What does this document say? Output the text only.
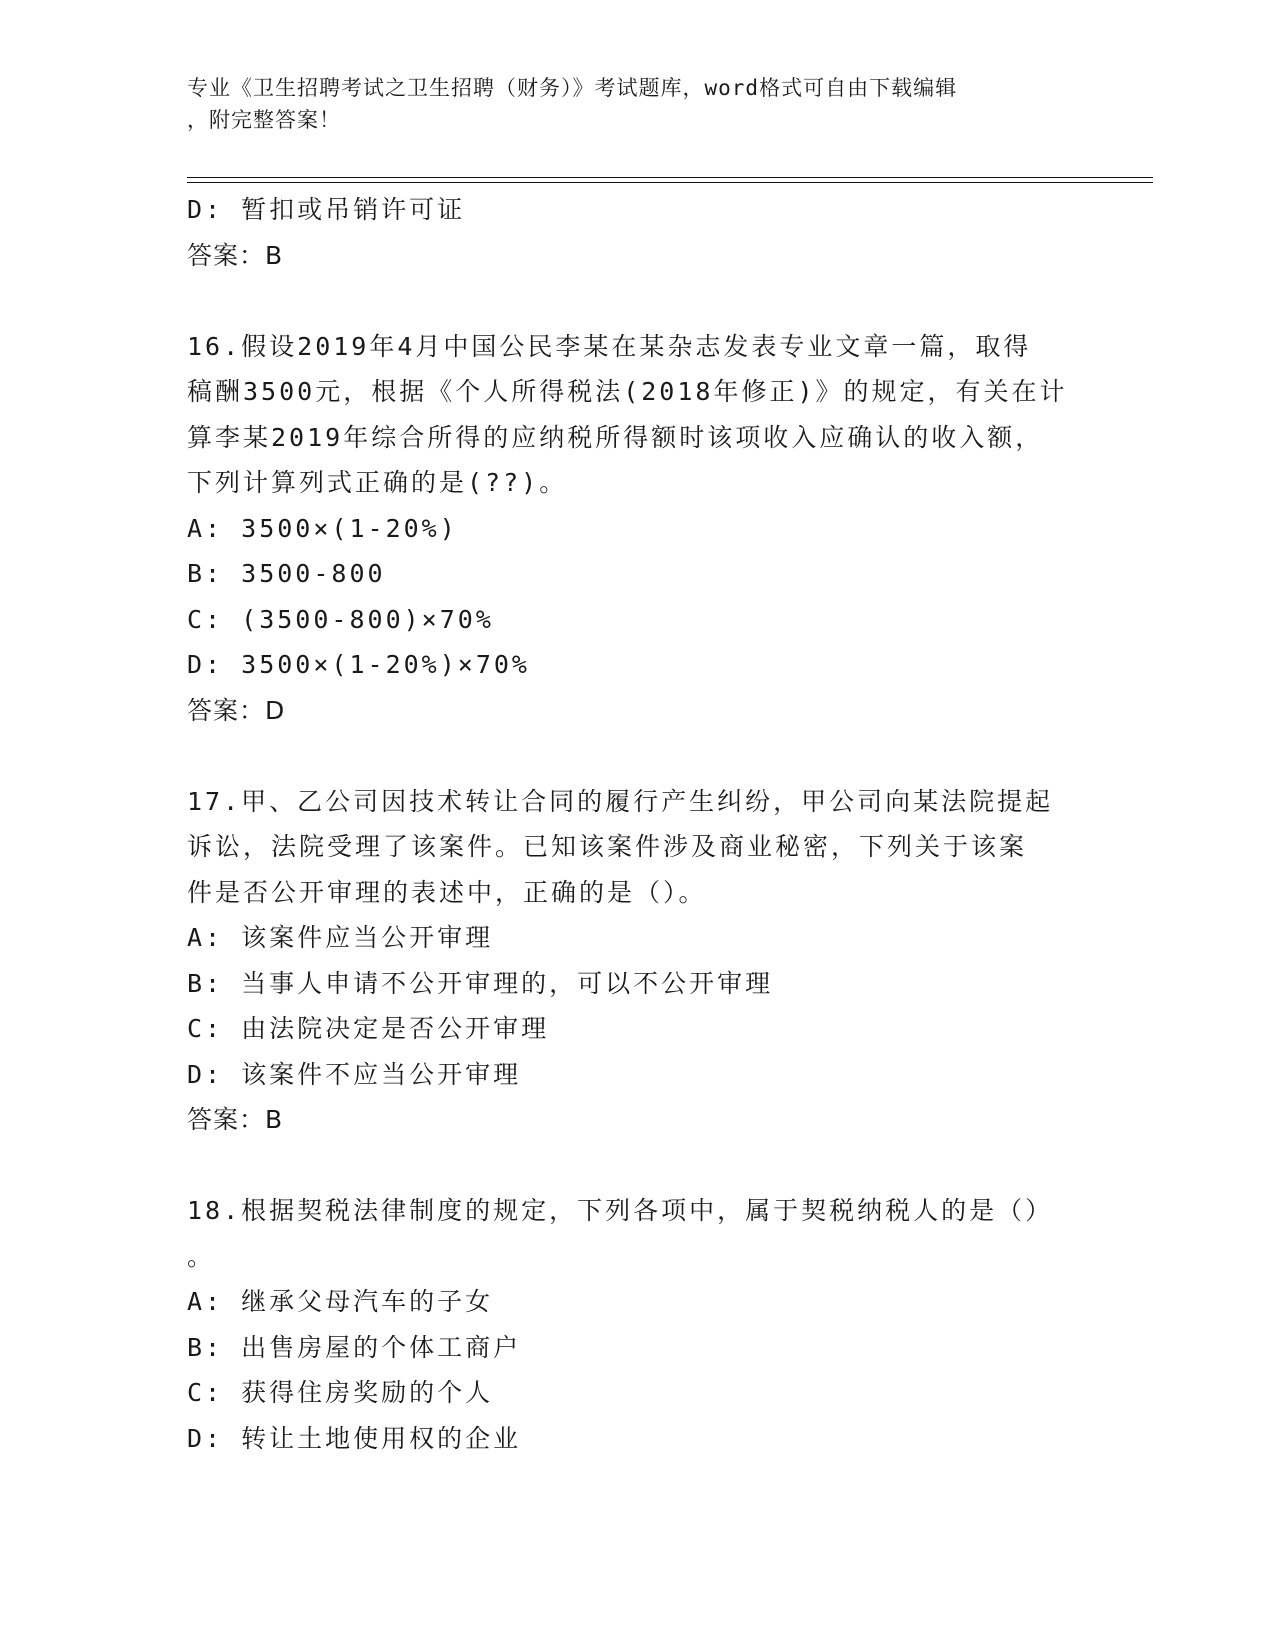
专业《卫生招聘考试之卫生招聘（财务）》考试题库，word格式可自由下载编辑
，附完整答案！
D: 暂扣或吊销许可证
答案：B
16.假设2019年4月中国公民李某在某杂志发表专业文章一篇，取得
稿酬3500元，根据《个人所得税法(2018年修正)》的规定，有关在计
算李某2019年综合所得的应纳税所得额时该项收入应确认的收入额，
下列计算列式正确的是(??)。
A: 3500×(1-20%)
B: 3500-800
C: (3500-800)×70%
D: 3500×(1-20%)×70%
答案：D
17.甲、乙公司因技术转让合同的履行产生纠纷，甲公司向某法院提起
诉讼，法院受理了该案件。已知该案件涉及商业秘密，下列关于该案
件是否公开审理的表述中，正确的是（）。
A: 该案件应当公开审理
B: 当事人申请不公开审理的，可以不公开审理
C: 由法院决定是否公开审理
D: 该案件不应当公开审理
答案：B
18.根据契税法律制度的规定，下列各项中，属于契税纳税人的是（）
。
A: 继承父母汽车的子女
B: 出售房屋的个体工商户
C: 获得住房奖励的个人
D: 转让土地使用权的企业
